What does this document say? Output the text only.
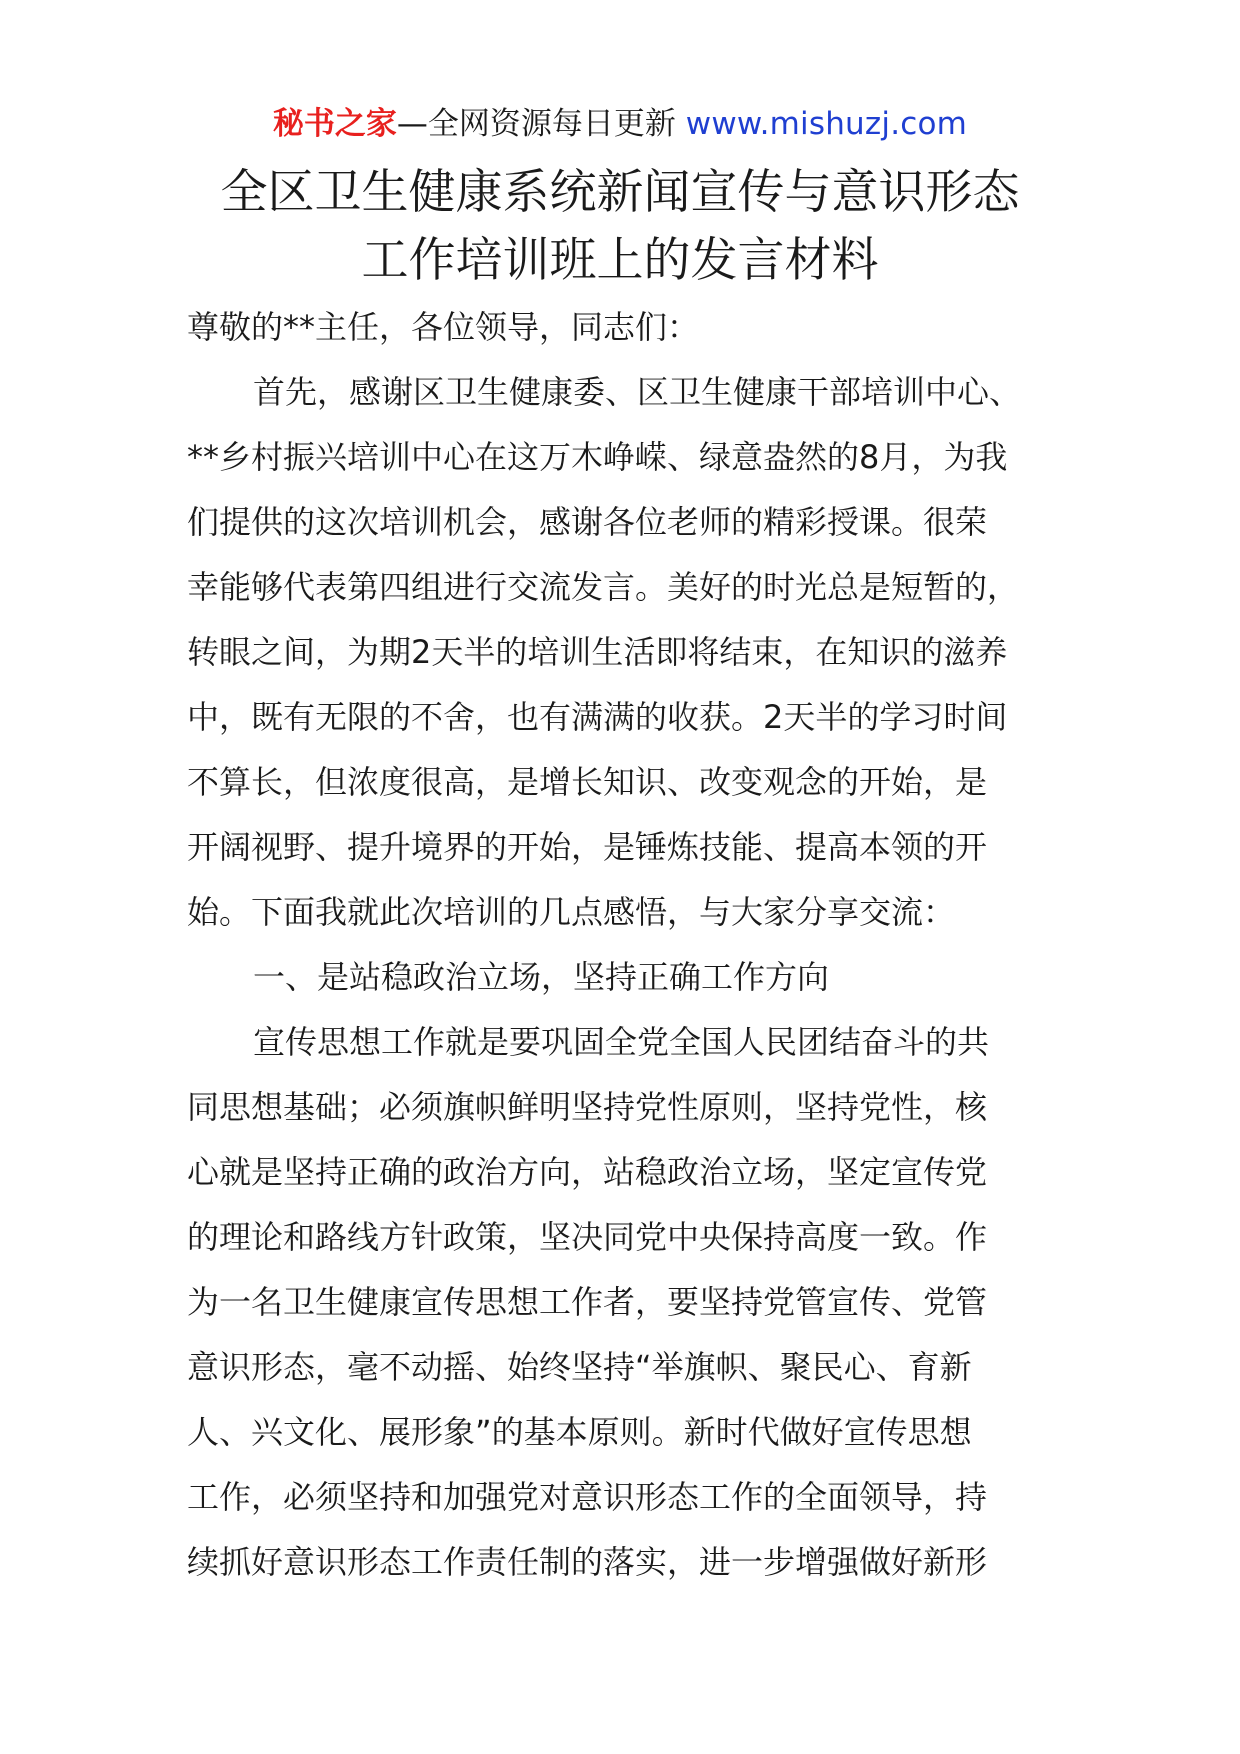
秘书之家—全网资源每日更新 www.mishuzj.com
全区卫生健康系统新闻宣传与意识形态
工作培训班上的发言材料
尊敬的**主任，各位领导，同志们：
首先，感谢区卫生健康委、区卫生健康干部培训中心、
**乡村振兴培训中心在这万木峥嵘、绿意盎然的8月，为我
们提供的这次培训机会，感谢各位老师的精彩授课。很荣
幸能够代表第四组进行交流发言。美好的时光总是短暂的，
转眼之间，为期2天半的培训生活即将结束，在知识的滋养
中，既有无限的不舍，也有满满的收获。2天半的学习时间
不算长，但浓度很高，是增长知识、改变观念的开始，是
开阔视野、提升境界的开始，是锤炼技能、提高本领的开
始。下面我就此次培训的几点感悟，与大家分享交流：
一、是站稳政治立场，坚持正确工作方向
宣传思想工作就是要巩固全党全国人民团结奋斗的共
同思想基础；必须旗帜鲜明坚持党性原则，坚持党性，核
心就是坚持正确的政治方向，站稳政治立场，坚定宣传党
的理论和路线方针政策，坚决同党中央保持高度一致。作
为一名卫生健康宣传思想工作者，要坚持党管宣传、党管
意识形态，毫不动摇、始终坚持“举旗帜、聚民心、育新
人、兴文化、展形象”的基本原则。新时代做好宣传思想
工作，必须坚持和加强党对意识形态工作的全面领导，持
续抓好意识形态工作责任制的落实，进一步增强做好新形
